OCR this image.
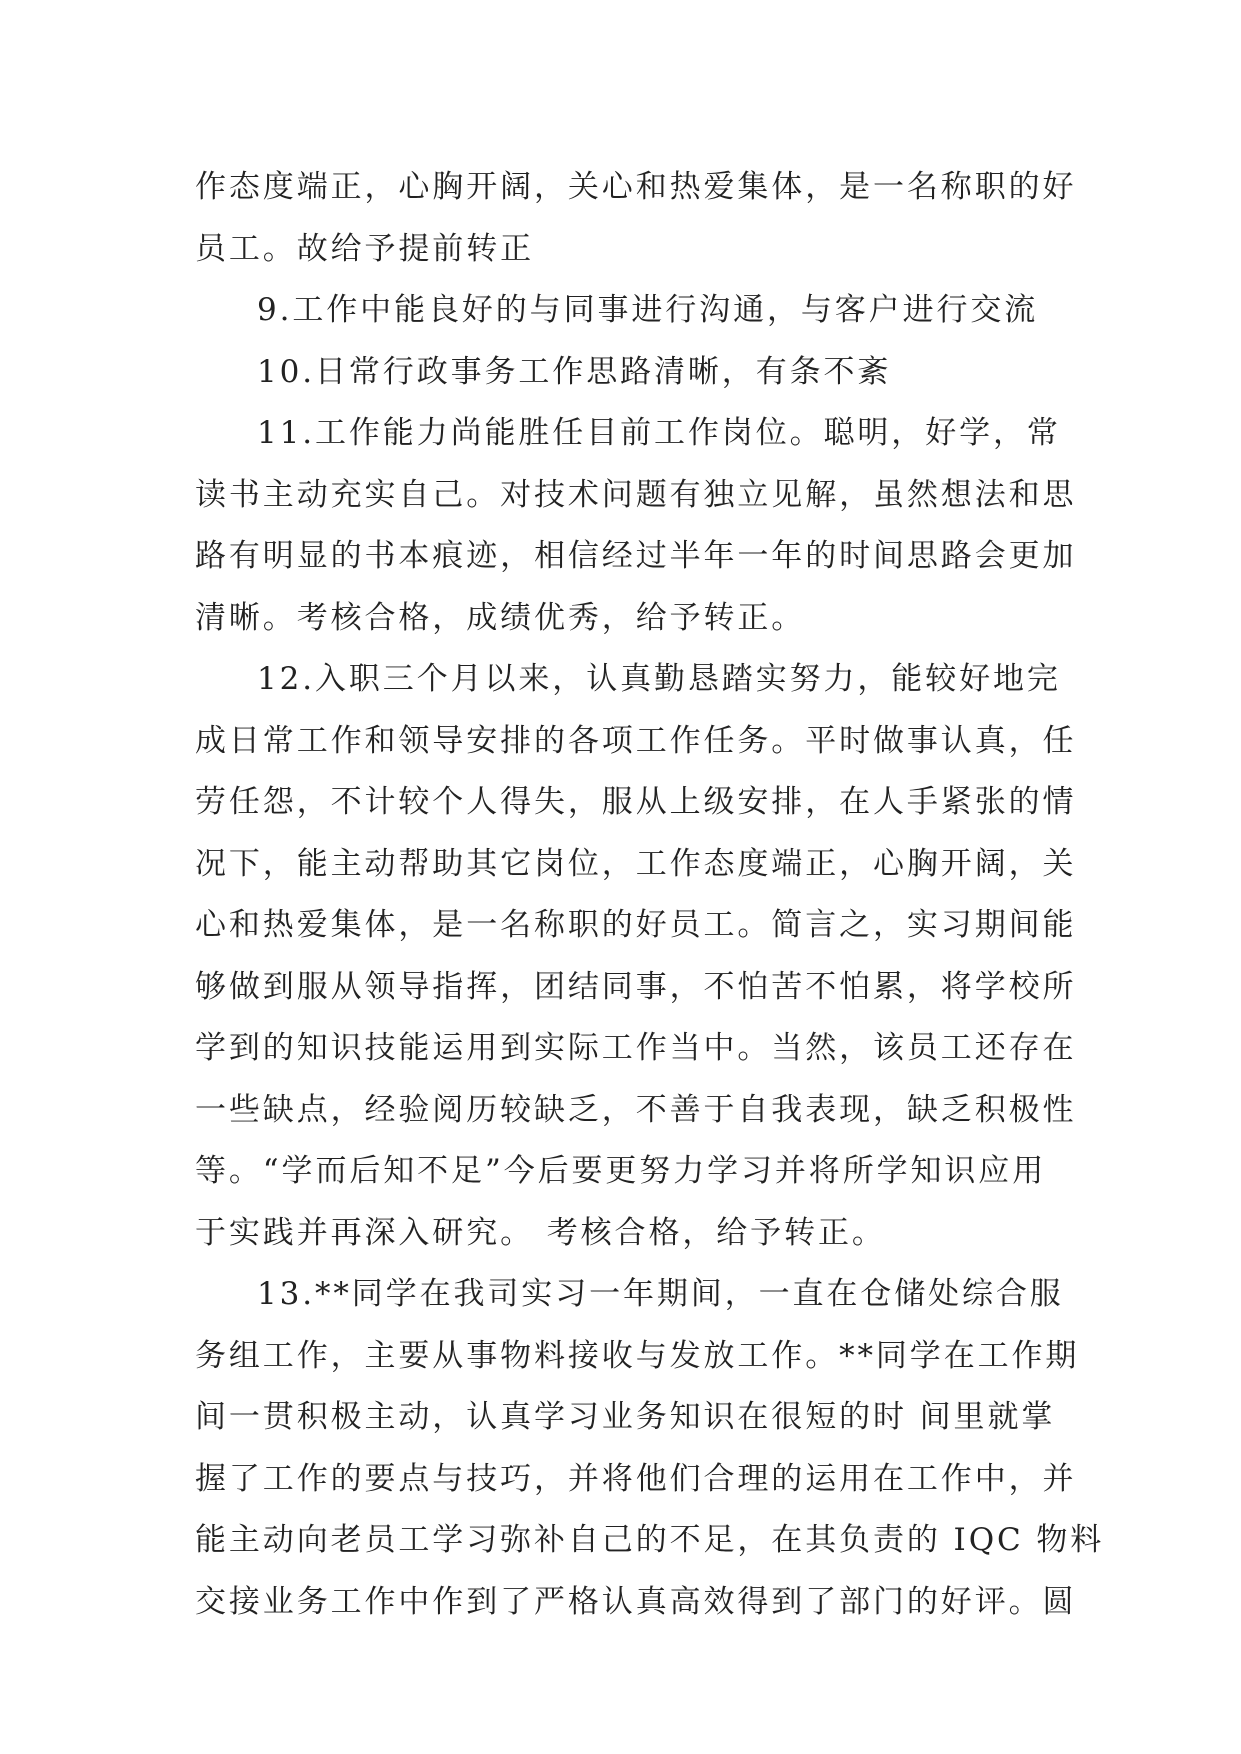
作态度端正，心胸开阔，关心和热爱集体，是一名称职的好
员工。故给予提前转正
9.工作中能良好的与同事进行沟通，与客户进行交流
10.日常行政事务工作思路清晰，有条不紊
11.工作能力尚能胜任目前工作岗位。聪明，好学，常
读书主动充实自己。对技术问题有独立见解，虽然想法和思
路有明显的书本痕迹，相信经过半年一年的时间思路会更加
清晰。考核合格，成绩优秀，给予转正。
12.入职三个月以来，认真勤恳踏实努力，能较好地完
成日常工作和领导安排的各项工作任务。平时做事认真，任
劳任怨，不计较个人得失，服从上级安排，在人手紧张的情
况下，能主动帮助其它岗位，工作态度端正，心胸开阔，关
心和热爱集体，是一名称职的好员工。简言之，实习期间能
够做到服从领导指挥，团结同事，不怕苦不怕累，将学校所
学到的知识技能运用到实际工作当中。当然，该员工还存在
一些缺点，经验阅历较缺乏，不善于自我表现，缺乏积极性
等。“学而后知不足”今后要更努力学习并将所学知识应用
于实践并再深入研究。 考核合格，给予转正。
13.**同学在我司实习一年期间，一直在仓储处综合服
务组工作，主要从事物料接收与发放工作。**同学在工作期
间一贯积极主动，认真学习业务知识在很短的时 间里就掌
握了工作的要点与技巧，并将他们合理的运用在工作中，并
能主动向老员工学习弥补自己的不足，在其负责的 IQC 物料
交接业务工作中作到了严格认真高效得到了部门的好评。圆
